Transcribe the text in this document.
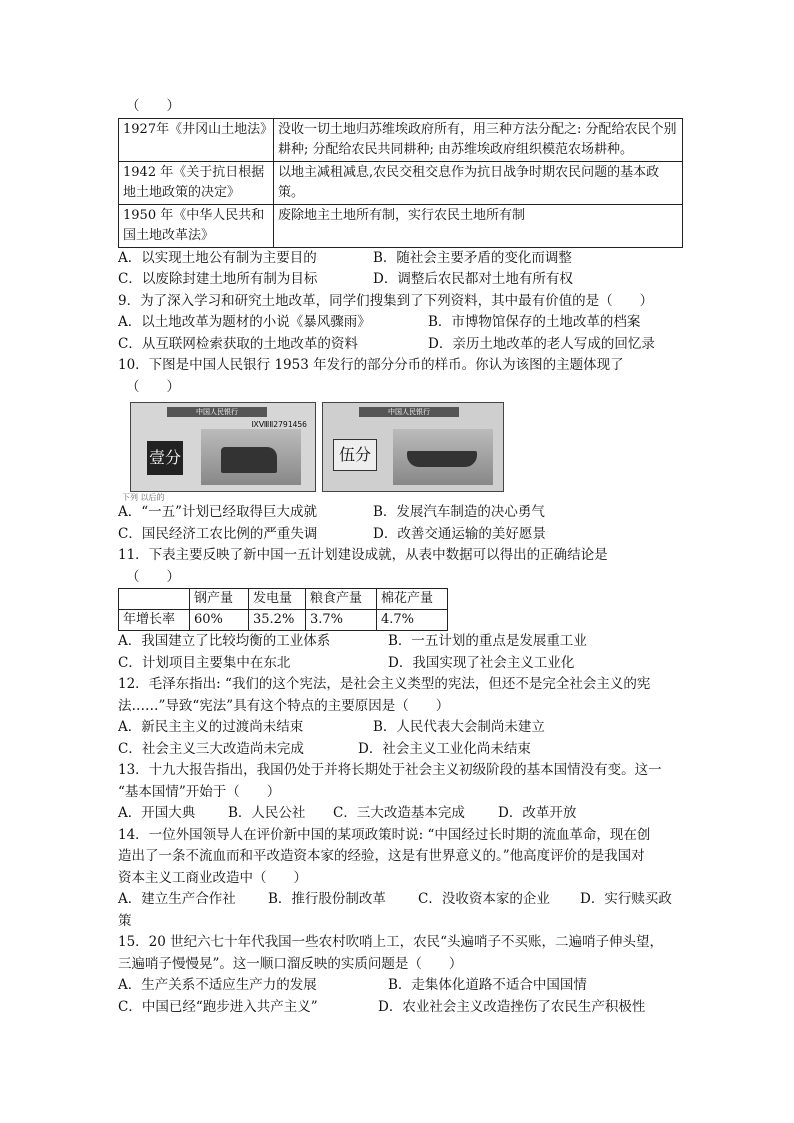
（　　）
1927年《井冈山土地法》	没收一切土地归苏维埃政府所有，用三种方法分配之: 分配给农民个别耕种; 分配给农民共同耕种; 由苏维埃政府组织模范农场耕种。
1942 年《关于抗日根据地土地政策的决定》	以地主减租减息,农民交租交息作为抗日战争时期农民问题的基本政策。
1950 年《中华人民共和国土地改革法》	废除地主土地所有制，实行农民土地所有制
A．以实现土地公有制为主要目的	B．随社会主要矛盾的变化而调整
C．以废除封建土地所有制为目标	D．调整后农民都对土地有所有权
9．为了深入学习和研究土地改革，同学们搜集到了下列资料，其中最有价值的是（　　）
A．以土地改革为题材的小说《暴风骤雨》	B．市博物馆保存的土地改革的档案
C．从互联网检索获取的土地改革的资料	D．亲历土地改革的老人写成的回忆录
10．下图是中国人民银行 1953 年发行的部分分币的样币。你认为该图的主题体现了
（　　）
中国人民银行
ⅨⅧⅡ2791456
壹分
中国人民银行
伍分
下列 以后的
A．“一五”计划已经取得巨大成就	B．发展汽车制造的决心勇气
C．国民经济工农比例的严重失调	D．改善交通运输的美好愿景
11．下表主要反映了新中国一五计划建设成就，从表中数据可以得出的正确结论是
（　　）
	钢产量	发电量	粮食产量	棉花产量
年增长率	60%	35.2%	3.7%	4.7%
A．我国建立了比较均衡的工业体系	B．一五计划的重点是发展重工业
C．计划项目主要集中在东北	D．我国实现了社会主义工业化
12．毛泽东指出: “我们的这个宪法，是社会主义类型的宪法，但还不是完全社会主义的宪
法……”导致“宪法”具有这个特点的主要原因是（　　）
A．新民主主义的过渡尚未结束	B．人民代表大会制尚未建立
C．社会主义三大改造尚未完成	D．社会主义工业化尚未结束
13．十九大报告指出，我国仍处于并将长期处于社会主义初级阶段的基本国情没有变。这一
“基本国情”开始于（　　）
A．开国大典	B．人民公社	C．三大改造基本完成	D．改革开放
14．一位外国领导人在评价新中国的某项政策时说: “中国经过长时期的流血革命，现在创
造出了一条不流血而和平改造资本家的经验，这是有世界意义的。”他高度评价的是我国对
资本主义工商业改造中（　　）
A．建立生产合作社	B．推行股份制改革	C．没收资本家的企业	D．实行赎买政
策
15．20 世纪六七十年代我国一些农村吹哨上工，农民“头遍哨子不买账，二遍哨子伸头望，
三遍哨子慢慢晃”。这一顺口溜反映的实质问题是（　　）
A．生产关系不适应生产力的发展	B．走集体化道路不适合中国国情
C．中国已经“跑步进入共产主义”	D．农业社会主义改造挫伤了农民生产积极性
